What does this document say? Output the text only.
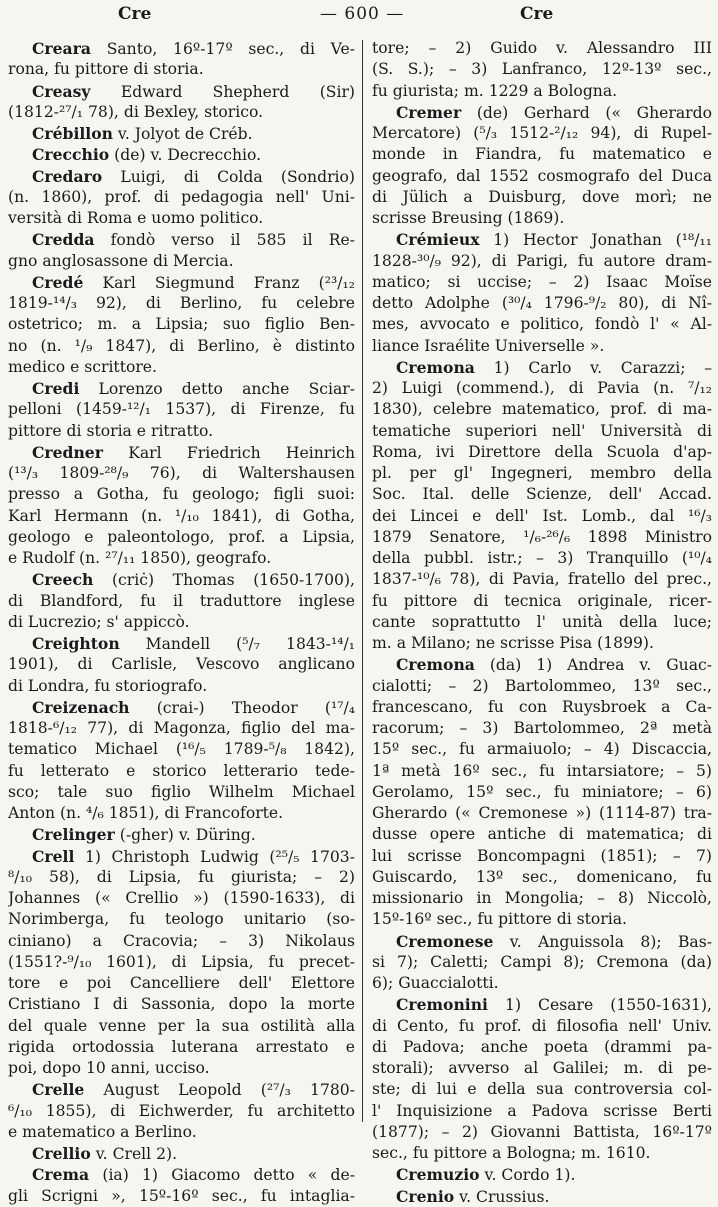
Cre	— 600 —	Cre
Creara Santo, 16º-17º sec., di Ve-
rona, fu pittore di storia.
Creasy Edward Shepherd (Sir)
(1812-²⁷/₁ 78), di Bexley, storico.
Crébillon v. Jolyot de Créb.
Crecchio (de) v. Decrecchio.
Credaro Luigi, di Colda (Sondrio)
(n. 1860), prof. di pedagogia nell' Uni-
versità di Roma e uomo politico.
Credda fondò verso il 585 il Re-
gno anglosassone di Mercia.
Credé Karl Siegmund Franz (²³/₁₂
1819-¹⁴/₃ 92), di Berlino, fu celebre
ostetrico; m. a Lipsia; suo figlio Ben-
no (n. ¹/₉ 1847), di Berlino, è distinto
medico e scrittore.
Credi Lorenzo detto anche Sciar-
pelloni (1459-¹²/₁ 1537), di Firenze, fu
pittore di storia e ritratto.
Credner Karl Friedrich Heinrich
(¹³/₃ 1809-²⁸/₉ 76), di Waltershausen
presso a Gotha, fu geologo; figli suoi:
Karl Hermann (n. ¹/₁₀ 1841), di Gotha,
geologo e paleontologo, prof. a Lipsia,
e Rudolf (n. ²⁷/₁₁ 1850), geografo.
Creech (criċ) Thomas (1650-1700),
di Blandford, fu il traduttore inglese
di Lucrezio; s' appiccò.
Creighton Mandell (⁵/₇ 1843-¹⁴/₁
1901), di Carlisle, Vescovo anglicano
di Londra, fu storiografo.
Creizenach (crai-) Theodor (¹⁷/₄
1818-⁶/₁₂ 77), di Magonza, figlio del ma-
tematico Michael (¹⁶/₅ 1789-⁵/₈ 1842),
fu letterato e storico letterario tede-
sco; tale suo figlio Wilhelm Michael
Anton (n. ⁴/₆ 1851), di Francoforte.
Crelinger (-gher) v. Düring.
Crell 1) Christoph Ludwig (²⁵/₅ 1703-
⁸/₁₀ 58), di Lipsia, fu giurista; – 2)
Johannes (« Crellio ») (1590-1633), di
Norimberga, fu teologo unitario (so-
ciniano) a Cracovia; – 3) Nikolaus
(1551?-⁹/₁₀ 1601), di Lipsia, fu precet-
tore e poi Cancelliere dell' Elettore
Cristiano I di Sassonia, dopo la morte
del quale venne per la sua ostilità alla
rigida ortodossia luterana arrestato e
poi, dopo 10 anni, ucciso.
Crelle August Leopold (²⁷/₃ 1780-
⁶/₁₀ 1855), di Eichwerder, fu architetto
e matematico a Berlino.
Crellio v. Crell 2).
Crema (ia) 1) Giacomo detto « de-
gli Scrigni », 15º-16º sec., fu intaglia-
tore; – 2) Guido v. Alessandro III
(S. S.); – 3) Lanfranco, 12º-13º sec.,
fu giurista; m. 1229 a Bologna.
Cremer (de) Gerhard (« Gherardo
Mercatore) (⁵/₃ 1512-²/₁₂ 94), di Rupel-
monde in Fiandra, fu matematico e
geografo, dal 1552 cosmografo del Duca
di Jülich a Duisburg, dove morì; ne
scrisse Breusing (1869).
Crémieux 1) Hector Jonathan (¹⁸/₁₁
1828-³⁰/₉ 92), di Parigi, fu autore dram-
matico; si uccise; – 2) Isaac Moïse
detto Adolphe (³⁰/₄ 1796-⁹/₂ 80), di Nî-
mes, avvocato e politico, fondò l' « Al-
liance Israélite Universelle ».
Cremona 1) Carlo v. Carazzi; –
2) Luigi (commend.), di Pavia (n. ⁷/₁₂
1830), celebre matematico, prof. di ma-
tematiche superiori nell' Università di
Roma, ivi Direttore della Scuola d'ap-
pl. per gl' Ingegneri, membro della
Soc. Ital. delle Scienze, dell' Accad.
dei Lincei e dell' Ist. Lomb., dal ¹⁶/₃
1879 Senatore, ¹/₆-²⁶/₆ 1898 Ministro
della pubbl. istr.; – 3) Tranquillo (¹⁰/₄
1837-¹⁰/₆ 78), di Pavia, fratello del prec.,
fu pittore di tecnica originale, ricer-
cante soprattutto l' unità della luce;
m. a Milano; ne scrisse Pisa (1899).
Cremona (da) 1) Andrea v. Guac-
cialotti; – 2) Bartolommeo, 13º sec.,
francescano, fu con Ruysbroek a Ca-
racorum; – 3) Bartolommeo, 2ª metà
15º sec., fu armaiuolo; – 4) Discaccia,
1ª metà 16º sec., fu intarsiatore; – 5)
Gerolamo, 15º sec., fu miniatore; – 6)
Gherardo (« Cremonese ») (1114-87) tra-
dusse opere antiche di matematica; di
lui scrisse Boncompagni (1851); – 7)
Guiscardo, 13º sec., domenicano, fu
missionario in Mongolia; – 8) Niccolò,
15º-16º sec., fu pittore di storia.
Cremonese v. Anguissola 8); Bas-
si 7); Caletti; Campi 8); Cremona (da)
6); Guaccialotti.
Cremonini 1) Cesare (1550-1631),
di Cento, fu prof. di filosofia nell' Univ.
di Padova; anche poeta (drammi pa-
storali); avverso al Galilei; m. di pe-
ste; di lui e della sua controversia col-
l' Inquisizione a Padova scrisse Berti
(1877); – 2) Giovanni Battista, 16º-17º
sec., fu pittore a Bologna; m. 1610.
Cremuzio v. Cordo 1).
Crenio v. Crussius.
